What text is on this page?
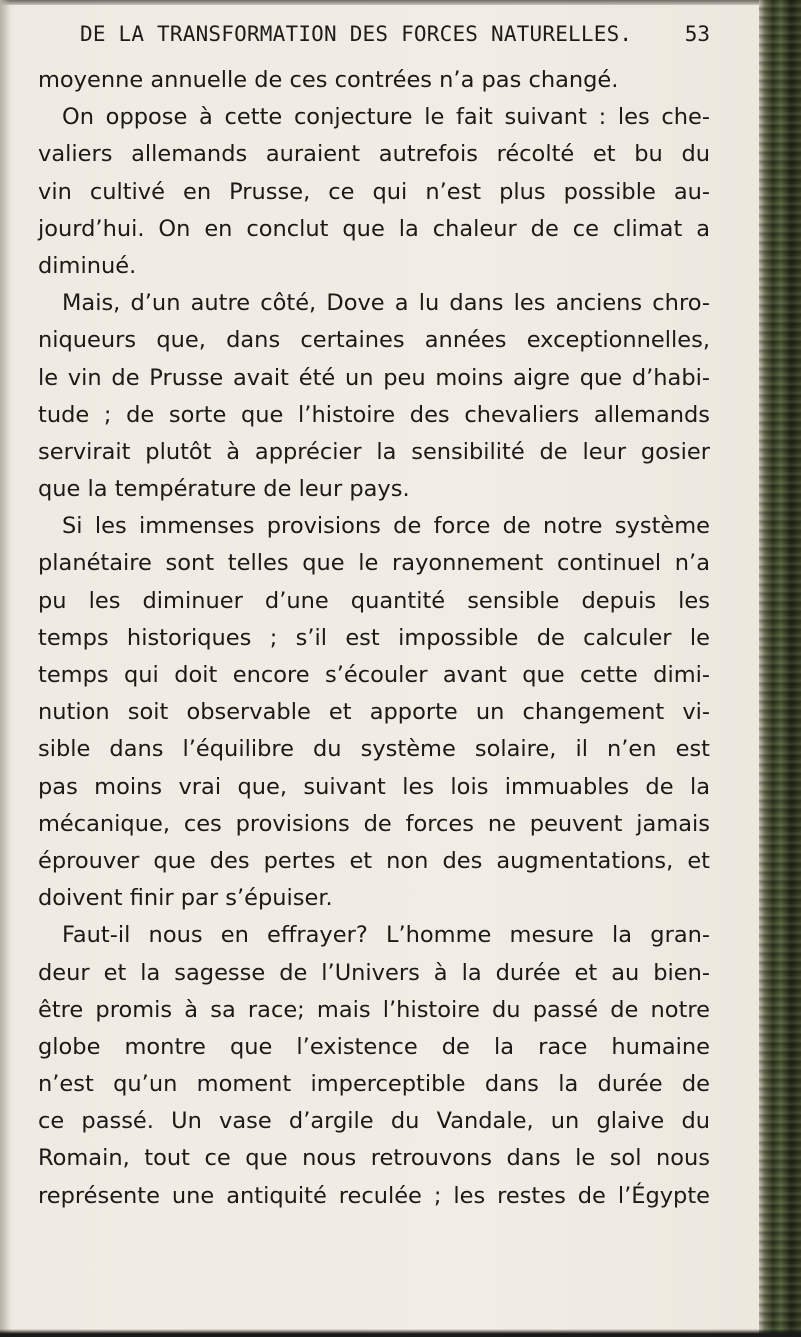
DE LA TRANSFORMATION DES FORCES NATURELLES. 53
moyenne annuelle de ces contrées n’a pas changé.
On oppose à cette conjecture le fait suivant : les che-
valiers allemands auraient autrefois récolté et bu du
vin cultivé en Prusse, ce qui n’est plus possible au-
jourd’hui. On en conclut que la chaleur de ce climat a
diminué.
Mais, d’un autre côté, Dove a lu dans les anciens chro-
niqueurs que, dans certaines années exceptionnelles,
le vin de Prusse avait été un peu moins aigre que d’habi-
tude ; de sorte que l’histoire des chevaliers allemands
servirait plutôt à apprécier la sensibilité de leur gosier
que la température de leur pays.
Si les immenses provisions de force de notre système
planétaire sont telles que le rayonnement continuel n’a
pu les diminuer d’une quantité sensible depuis les
temps historiques ; s’il est impossible de calculer le
temps qui doit encore s’écouler avant que cette dimi-
nution soit observable et apporte un changement vi-
sible dans l’équilibre du système solaire, il n’en est
pas moins vrai que, suivant les lois immuables de la
mécanique, ces provisions de forces ne peuvent jamais
éprouver que des pertes et non des augmentations, et
doivent finir par s’épuiser.
Faut-il nous en effrayer? L’homme mesure la gran-
deur et la sagesse de l’Univers à la durée et au bien-
être promis à sa race; mais l’histoire du passé de notre
globe montre que l’existence de la race humaine
n’est qu’un moment imperceptible dans la durée de
ce passé. Un vase d’argile du Vandale, un glaive du
Romain, tout ce que nous retrouvons dans le sol nous
représente une antiquité reculée ; les restes de l’Égypte
